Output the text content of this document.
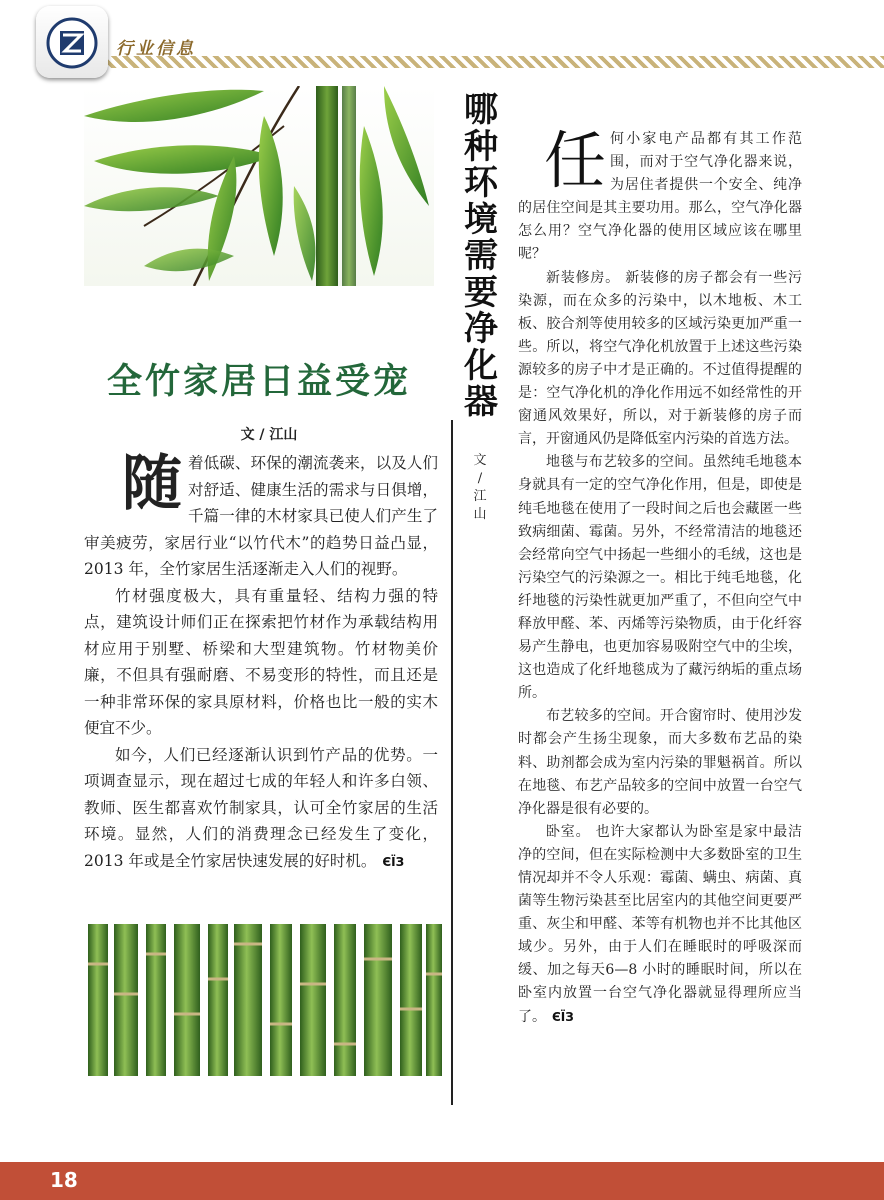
行业信息
全竹家居日益受宠
文 / 江山

随着低碳、环保的潮流袭来，以及人们对舒适、健康生活的需求与日俱增，千篇一律的木材家具已使人们产生了审美疲劳，家居行业“以竹代木”的趋势日益凸显，2013 年，全竹家居生活逐渐走入人们的视野。

竹材强度极大，具有重量轻、结构力强的特点，建筑设计师们正在探索把竹材作为承载结构用材应用于别墅、桥梁和大型建筑物。竹材物美价廉，不但具有强耐磨、不易变形的特性，而且还是一种非常环保的家具原材料，价格也比一般的实木便宜不少。

如今，人们已经逐渐认识到竹产品的优势。一项调查显示，现在超过七成的年轻人和许多白领、教师、医生都喜欢竹制家具，认可全竹家居的生活环境。显然，人们的消费理念已经发生了变化，2013 年或是全竹家居快速发展的好时机。 ЄЇЗ

哪
种
环
境
需
要
净
化
器
文
/
江
山

任何小家电产品都有其工作范围，而对于空气净化器来说，为居住者提供一个安全、纯净的居住空间是其主要功用。那么，空气净化器怎么用？空气净化器的使用区域应该在哪里呢？

新装修房。 新装修的房子都会有一些污染源，而在众多的污染中，以木地板、木工板、胶合剂等使用较多的区域污染更加严重一些。所以，将空气净化机放置于上述这些污染源较多的房子中才是正确的。不过值得提醒的是：空气净化机的净化作用远不如经常性的开窗通风效果好，所以，对于新装修的房子而言，开窗通风仍是降低室内污染的首选方法。

地毯与布艺较多的空间。虽然纯毛地毯本身就具有一定的空气净化作用，但是，即使是纯毛地毯在使用了一段时间之后也会藏匿一些致病细菌、霉菌。另外，不经常清洁的地毯还会经常向空气中扬起一些细小的毛绒，这也是污染空气的污染源之一。相比于纯毛地毯，化纤地毯的污染性就更加严重了，不但向空气中释放甲醛、苯、丙烯等污染物质，由于化纤容易产生静电，也更加容易吸附空气中的尘埃，这也造成了化纤地毯成为了藏污纳垢的重点场所。

布艺较多的空间。开合窗帘时、使用沙发时都会产生扬尘现象，而大多数布艺品的染料、助剂都会成为室内污染的罪魁祸首。所以在地毯、布艺产品较多的空间中放置一台空气净化器是很有必要的。

卧室。 也许大家都认为卧室是家中最洁净的空间，但在实际检测中大多数卧室的卫生情况却并不令人乐观：霉菌、螨虫、病菌、真菌等生物污染甚至比居室内的其他空间更要严重、灰尘和甲醛、苯等有机物也并不比其他区域少。另外，由于人们在睡眠时的呼吸深而缓、加之每天6—8 小时的睡眠时间，所以在卧室内放置一台空气净化器就显得理所应当了。 ЄЇЗ

18
